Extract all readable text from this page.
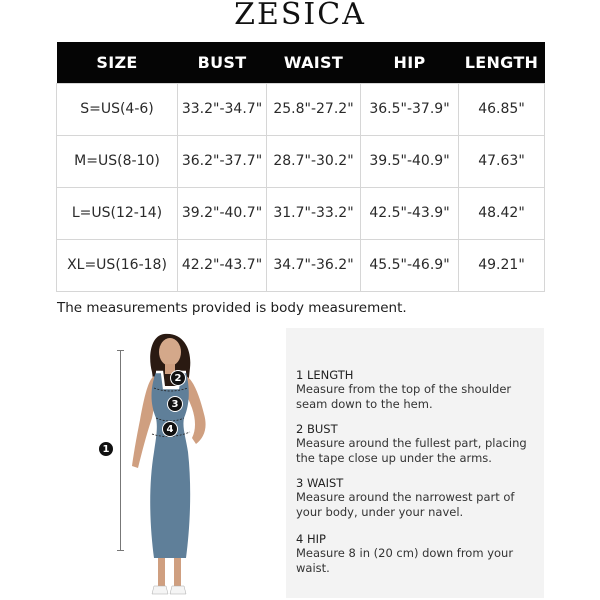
ZESICA
SIZE	BUST	WAIST	HIP	LENGTH
S=US(4-6)	33.2"-34.7"	25.8"-27.2"	36.5"-37.9"	46.85"
M=US(8-10)	36.2"-37.7"	28.7"-30.2"	39.5"-40.9"	47.63"
L=US(12-14)	39.2"-40.7"	31.7"-33.2"	42.5"-43.9"	48.42"
XL=US(16-18)	42.2"-43.7"	34.7"-36.2"	45.5"-46.9"	49.21"
The measurements provided is body measurement.
1
2
3
4
1 LENGTH
Measure from the top of the shoulder seam down to the hem.
2 BUST
Measure around the fullest part, placing the tape close up under the arms.
3 WAIST
Measure around the narrowest part of your body, under your navel.
4 HIP
Measure 8 in (20 cm) down from your waist.
